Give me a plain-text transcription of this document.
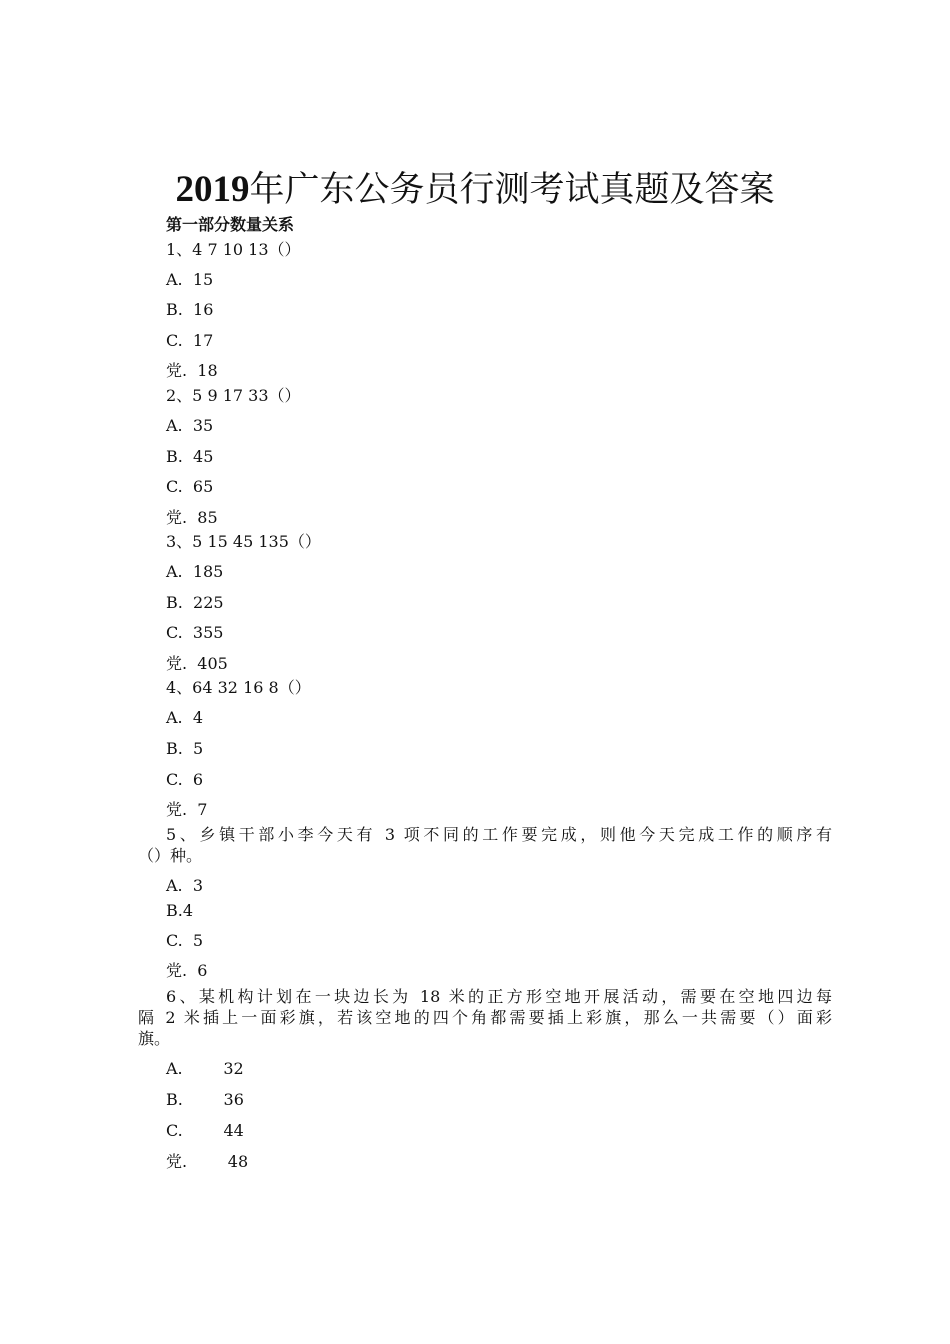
2019年广东公务员行测考试真题及答案

第一部分数量关系

1、4 7 10 13（）

A.  15

B.  16

C.  17

党.  18

2、5 9 17 33（）

A.  35

B.  45

C.  65

党.  85

3、5 15 45 135（）

A.  185

B.  225

C.  355

党.  405

4、64 32 16 8（）

A.  4

B.  5

C.  6

党.  7

5、乡镇干部小李今天有 3 项不同的工作要完成，则他今天完成工作的顺序有

（）种。

A.  3

B.4

C.  5

党.  6

6、某机构计划在一块边长为 18 米的正方形空地开展活动，需要在空地四边每
隔 2 米插上一面彩旗，若该空地的四个角都需要插上彩旗，那么一共需要（）面彩

旗。

A.        32

B.        36

C.        44

党.        48
